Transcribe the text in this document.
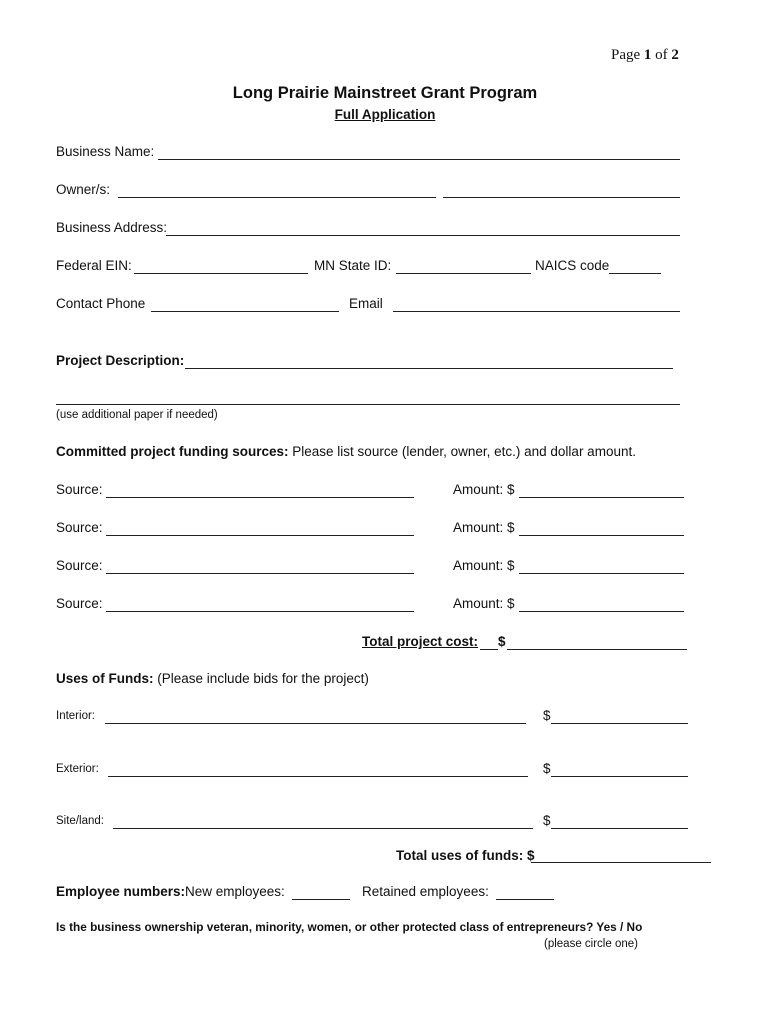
Page 1 of 2
Long Prairie Mainstreet Grant Program
Full Application
Business Name:
Owner/s:
Business Address:
Federal EIN:	MN State ID:	NAICS code
Contact Phone	Email
Project Description:
(use additional paper if needed)
Committed project funding sources: Please list source (lender, owner, etc.) and dollar amount.
Source:	Amount: $
Source:	Amount: $
Source:	Amount: $
Source:	Amount: $
Total project cost: $
Uses of Funds: (Please include bids for the project)
Interior:	$
Exterior:	$
Site/land:	$
Total uses of funds: $
Employee numbers: New employees:	Retained employees:
Is the business ownership veteran, minority, women, or other protected class of entrepreneurs? Yes / No
(please circle one)
